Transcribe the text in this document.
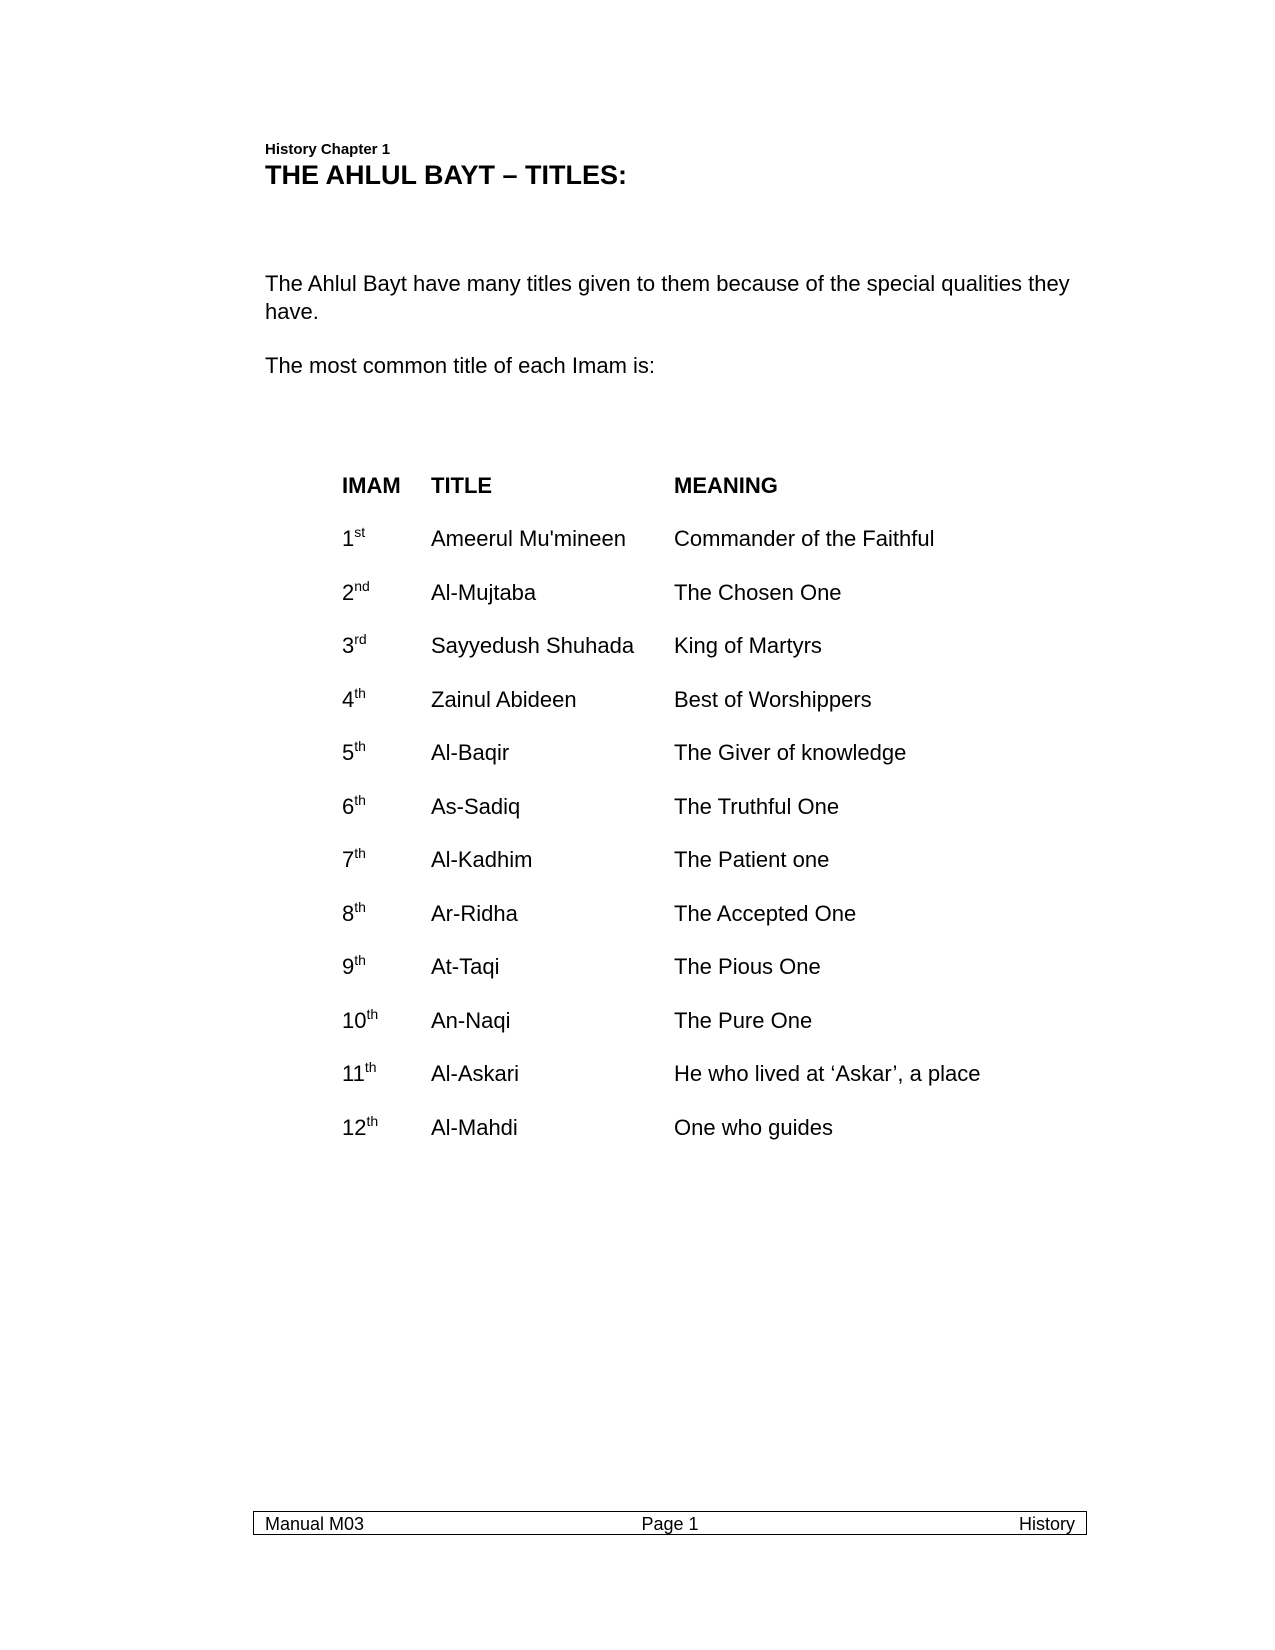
History Chapter 1
THE AHLUL BAYT – TITLES:

The Ahlul Bayt have many titles given to them because of the special qualities they have.

The most common title of each Imam is:

IMAM	TITLE	MEANING
1st	Ameerul Mu'mineen	Commander of the Faithful
2nd	Al-Mujtaba	The Chosen One
3rd	Sayyedush Shuhada	King of Martyrs
4th	Zainul Abideen	Best of Worshippers
5th	Al-Baqir	The Giver of knowledge
6th	As-Sadiq	The Truthful One
7th	Al-Kadhim	The Patient one
8th	Ar-Ridha	The Accepted One
9th	At-Taqi	The Pious One
10th	An-Naqi	The Pure One
11th	Al-Askari	He who lived at ‘Askar’, a place
12th	Al-Mahdi	One who guides
Page 1
Manual M03	History
